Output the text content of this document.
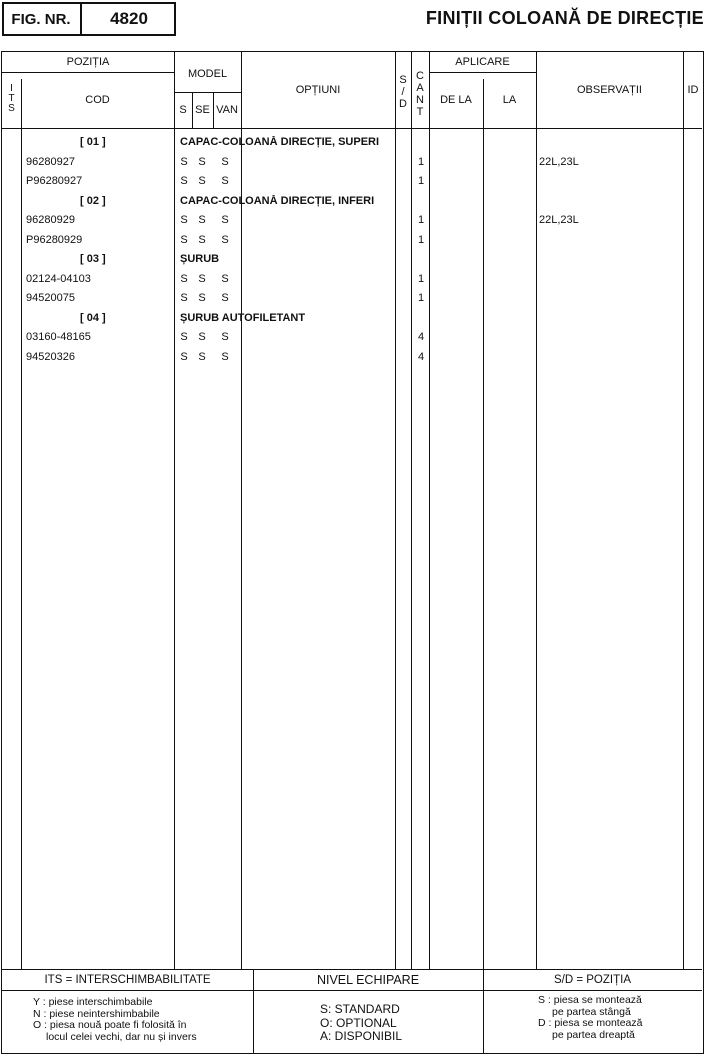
FIG. NR.	4820	FINIȚII COLOANĂ DE DIRECȚIE
POZIȚIA
I
T
S
COD
MODEL
S SE VAN
OPȚIUNI
S
/
D
C
A
N
T
APLICARE
DE LA	LA
OBSERVAȚII	ID
[ 01 ]	CAPAC-COLOANĂ DIRECȚIE, SUPERI
96280927	S S S	1	22L,23L
P96280927	S S S	1
[ 02 ]	CAPAC-COLOANĂ DIRECȚIE, INFERI
96280929	S S S	1	22L,23L
P96280929	S S S	1
[ 03 ]	ȘURUB
02124-04103	S S S	1
94520075	S S S	1
[ 04 ]	ȘURUB AUTOFILETANT
03160-48165	S S S	4
94520326	S S S	4
ITS = INTERSCHIMBABILITATE
Y : piese interschimbabile
N : piese neintershimbabile
O : piesa nouă poate fi folosită în
locul celei vechi, dar nu și invers
NIVEL ECHIPARE
S: STANDARD
O: OPTIONAL
A: DISPONIBIL
S/D = POZIȚIA
S : piesa se montează
pe partea stângă
D : piesa se montează
pe partea dreaptă
